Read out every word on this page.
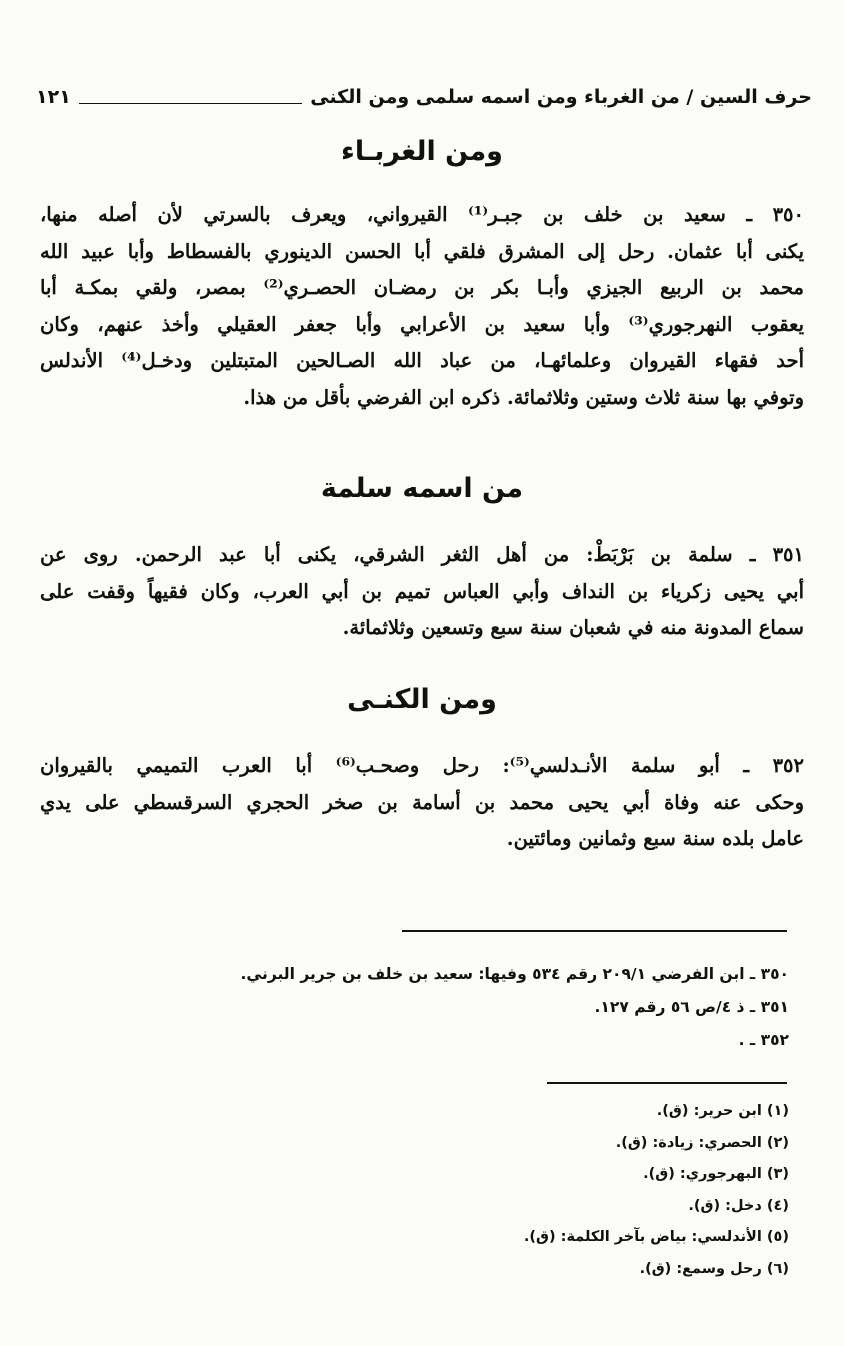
حرف السين / من الغرباء ومن اسمه سلمى ومن الكنى
١٢١
ومن الغربـاء

٣٥٠ ـ سعيد بن خلف بن جبـر⁽¹⁾ القيرواني، ويعرف بالسرتي لأن أصله منها،
يكنى أبا عثمان. رحل إلى المشرق فلقي أبا الحسن الدينوري بالفسطاط وأبا عبيد الله
محمد بن الربيع الجيزي وأبـا بكر بن رمضـان الحصـري⁽²⁾ بمصر، ولقي بمكـة أبا
يعقوب النهرجوري⁽³⁾ وأبا سعيد بن الأعرابي وأبا جعفر العقيلي وأخذ عنهم، وكان
أحد فقهاء القيروان وعلمائهـا، من عباد الله الصـالحين المتبتلين ودخـل⁽⁴⁾ الأندلس
وتوفي بها سنة ثلاث وستين وثلاثمائة. ذكره ابن الفرضي بأقل من هذا.

من اسمه سلمة

٣٥١ ـ سلمة بن بَرْبَطْ: من أهل الثغر الشرقي، يكنى أبا عبد الرحمن. روى عن
أبي يحيى زكرياء بن النداف وأبي العباس تميم بن أبي العرب، وكان فقيهاً وقفت على
سماع المدونة منه في شعبان سنة سبع وتسعين وثلاثمائة.

ومن الكنـى

٣٥٢ ـ أبو سلمة الأنـدلسي⁽⁵⁾: رحل وصحـب⁽⁶⁾ أبا العرب التميمي بالقيروان
وحكى عنه وفاة أبي يحيى محمد بن أسامة بن صخر الحجري السرقسطي على يدي
عامل بلده سنة سبع وثمانين ومائتين.

٣٥٠ ـ ابن الفرضي ٢٠٩/١ رقم ٥٣٤ وفيها: سعيد بن خلف بن جرير البرني.
٣٥١ ـ ذ ٤/ص ٥٦ رقم ١٢٧.
٣٥٢ ـ .
(١) ابن حرير: (ق).
(٢) الحصري: زيادة: (ق).
(٣) البهرجوري: (ق).
(٤) دخل: (ق).
(٥) الأندلسي: بياض بآخر الكلمة: (ق).
(٦) رحل وسمع: (ق).
